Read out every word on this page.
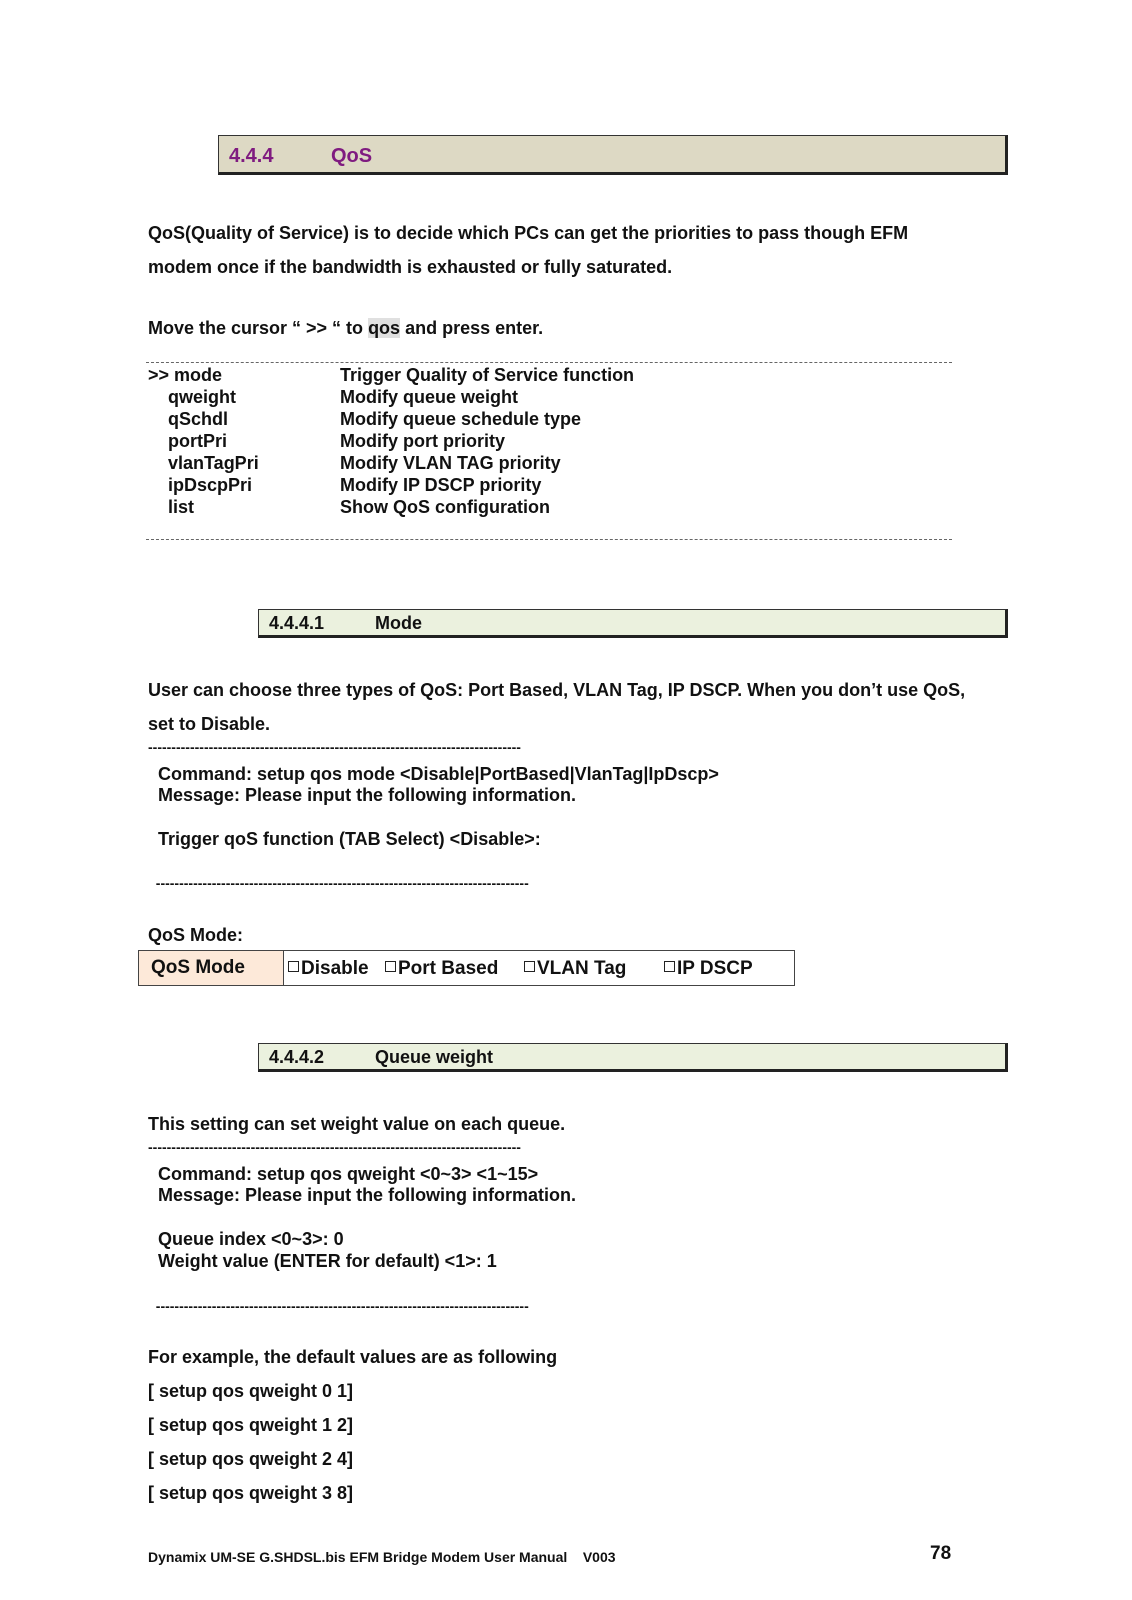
4.4.4	QoS
QoS(Quality of Service) is to decide which PCs can get the priorities to pass though EFM
modem once if the bandwidth is exhausted or fully saturated.
Move the cursor “ >> “ to qos and press enter.
>> mode	Trigger Quality of Service function
qweight	Modify queue weight
qSchdl	Modify queue schedule type
portPri	Modify port priority
vlanTagPri	Modify VLAN TAG priority
ipDscpPri	Modify IP DSCP priority
list	Show QoS configuration
4.4.4.1	Mode
User can choose three types of QoS: Port Based, VLAN Tag, IP DSCP. When you don’t use QoS,
set to Disable.
--------------------------------------------------------------------------------
Command: setup qos mode <Disable|PortBased|VlanTag|IpDscp>
Message: Please input the following information.
Trigger qoS function (TAB Select) <Disable>:
--------------------------------------------------------------------------------
QoS Mode:
QoS Mode	Disable	Port Based	VLAN Tag	IP DSCP
4.4.4.2	Queue weight
This setting can set weight value on each queue.
--------------------------------------------------------------------------------
Command: setup qos qweight <0~3> <1~15>
Message: Please input the following information.
Queue index <0~3>: 0
Weight value (ENTER for default) <1>: 1
--------------------------------------------------------------------------------
For example, the default values are as following
[ setup qos qweight 0 1]
[ setup qos qweight 1 2]
[ setup qos qweight 2 4]
[ setup qos qweight 3 8]
Dynamix UM-SE G.SHDSL.bis EFM Bridge Modem User Manual    V003	78
